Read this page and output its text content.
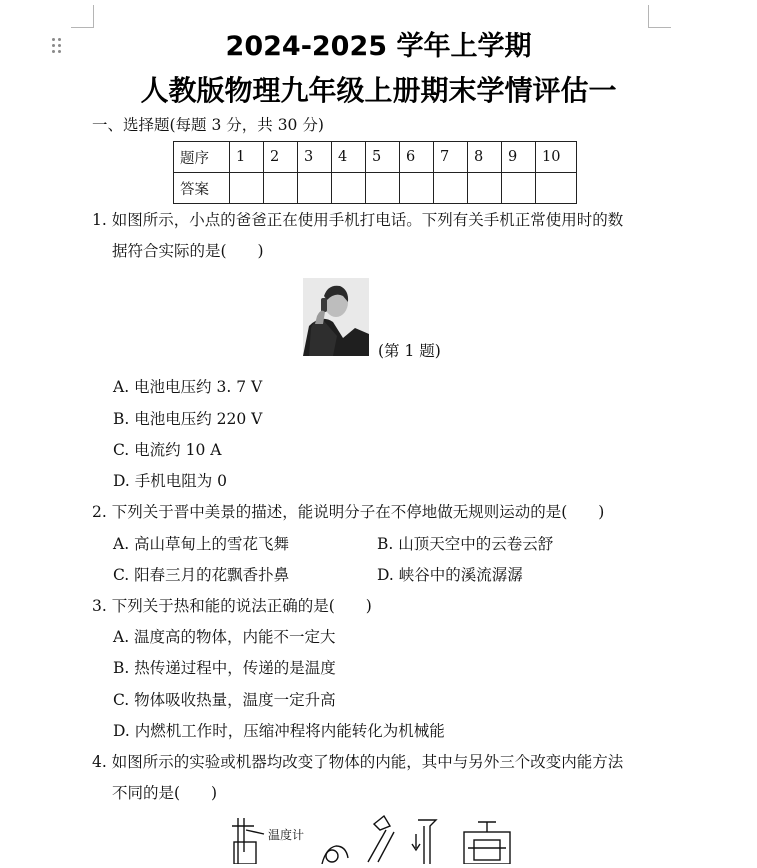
2024-2025 学年上学期
人教版物理九年级上册期末学情评估一
一、选择题(每题 3 分，共 30 分)
题序	1	2	3	4	5	6	7	8	9	10
答案										
1. 如图所示，小点的爸爸正在使用手机打电话。下列有关手机正常使用时的数
据符合实际的是(　　)
(第 1 题)
A. 电池电压约 3. 7 V
B. 电池电压约 220 V
C. 电流约 10 A
D. 手机电阻为 0
2. 下列关于晋中美景的描述，能说明分子在不停地做无规则运动的是(　　)
A. 高山草甸上的雪花飞舞	B. 山顶天空中的云卷云舒
C. 阳春三月的花飘香扑鼻	D. 峡谷中的溪流潺潺
3. 下列关于热和能的说法正确的是(　　)
A. 温度高的物体，内能不一定大
B. 热传递过程中，传递的是温度
C. 物体吸收热量，温度一定升高
D. 内燃机工作时，压缩冲程将内能转化为机械能
4. 如图所示的实验或机器均改变了物体的内能，其中与另外三个改变内能方法
不同的是(　　)
温度计
